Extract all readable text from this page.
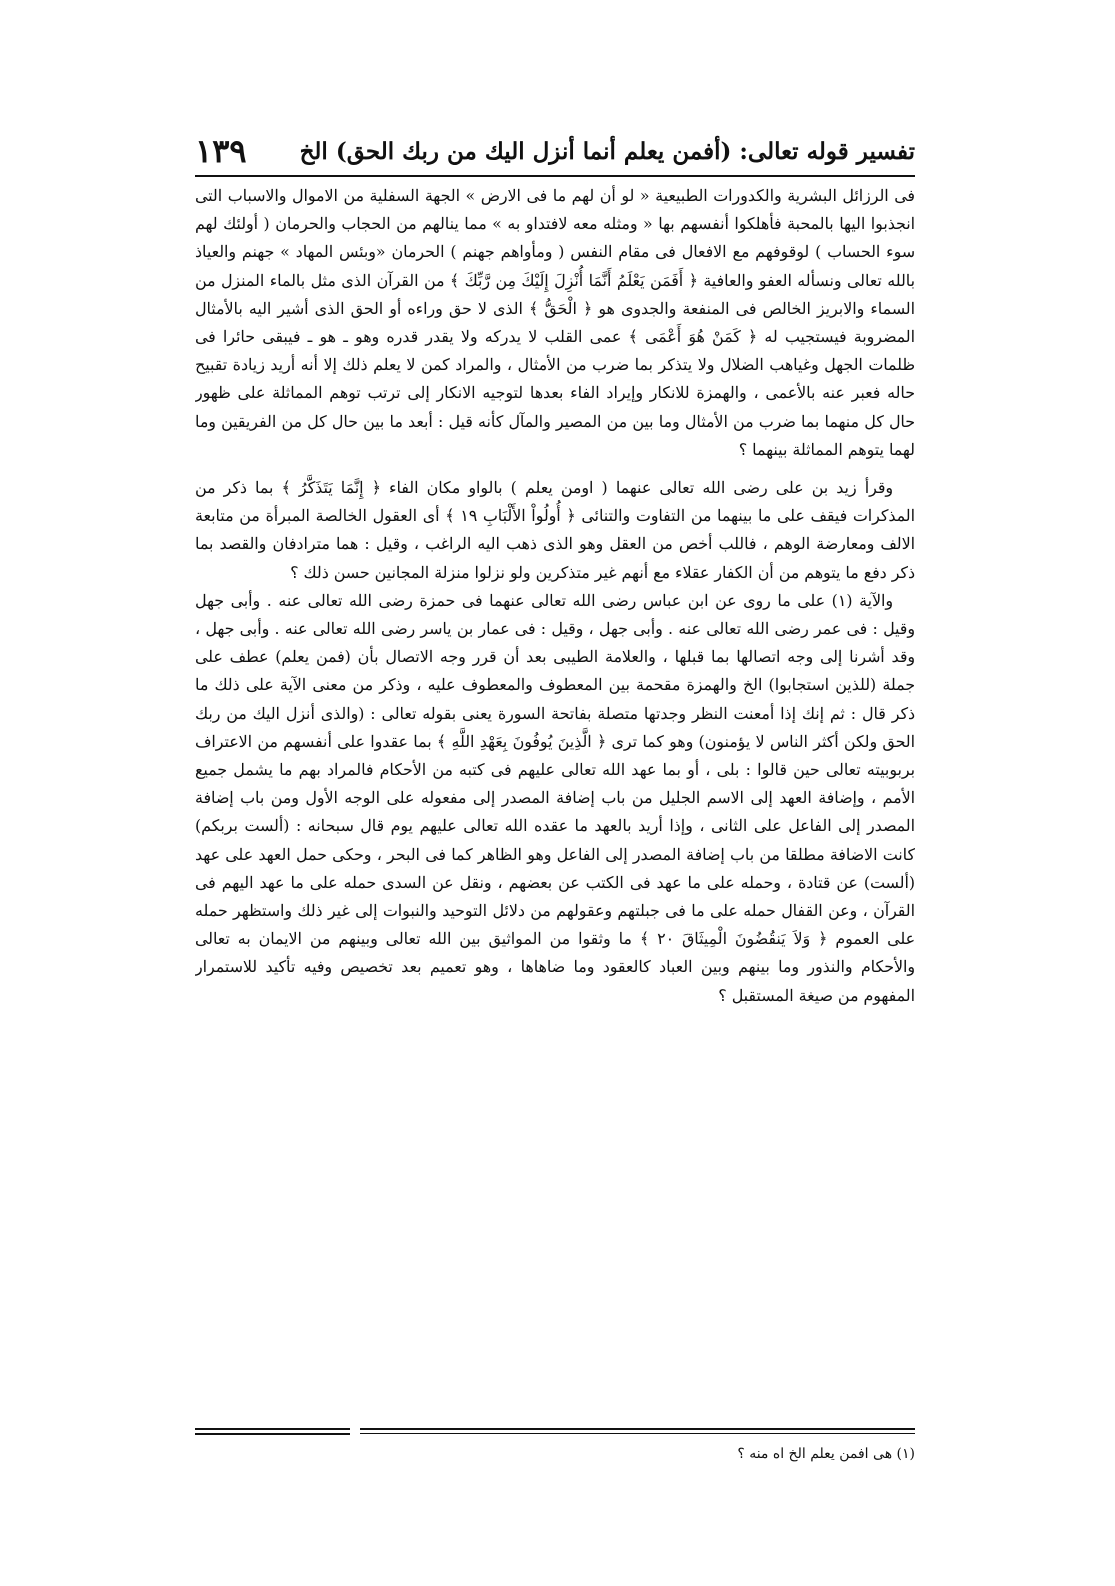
تفسير قوله تعالى: (أفمن يعلم أنما أنزل اليك من ربك الحق) الخ
١٣٩

فى الرزائل البشرية والكدورات الطبيعية « لو أن لهم ما فى الارض » الجهة السفلية من الاموال والاسباب التى انجذبوا اليها بالمحبة فأهلكوا أنفسهم بها « ومثله معه لافتداو به » مما ينالهم من الحجاب والحرمان ( أولئك لهم سوء الحساب ) لوقوفهم مع الافعال فى مقام النفس ( ومأواهم جهنم ) الحرمان «وبئس المهاد » جهنم والعياذ بالله تعالى ونسأله العفو والعافية ﴿ أَفَمَن يَعْلَمُ أَنَّمَا أُنْزِلَ إِلَيْكَ مِن رَّبِّكَ ﴾ من القرآن الذى مثل بالماء المنزل من السماء والابريز الخالص فى المنفعة والجدوى هو ﴿ الْحَقُّ ﴾ الذى لا حق وراءه أو الحق الذى أشير اليه بالأمثال المضروبة فيستجيب له ﴿ كَمَنْ هُوَ أَعْمَى ﴾ عمى القلب لا يدركه ولا يقدر قدره وهو ـ هو ـ فيبقى حائرا فى ظلمات الجهل وغياهب الضلال ولا يتذكر بما ضرب من الأمثال ، والمراد كمن لا يعلم ذلك إلا أنه أريد زيادة تقبيح حاله فعبر عنه بالأعمى ، والهمزة للانكار وإيراد الفاء بعدها لتوجيه الانكار إلى ترتب توهم المماثلة على ظهور حال كل منهما بما ضرب من الأمثال وما بين من المصير والمآل كأنه قيل : أبعد ما بين حال كل من الفريقين وما لهما يتوهم المماثلة بينهما ؟

وقرأ زيد بن على رضى الله تعالى عنهما ( اومن يعلم ) بالواو مكان الفاء ﴿ إِنَّمَا يَتَذَكَّرُ ﴾ بما ذكر من المذكرات فيقف على ما بينهما من التفاوت والتنائى ﴿ أُولُواْ الأَلْبَابِ ١٩ ﴾ أى العقول الخالصة المبرأة من متابعة الالف ومعارضة الوهم ، فاللب أخص من العقل وهو الذى ذهب اليه الراغب ، وقيل : هما مترادفان والقصد بما ذكر دفع ما يتوهم من أن الكفار عقلاء مع أنهم غير متذكرين ولو نزلوا منزلة المجانين حسن ذلك ؟

والآية (١) على ما روى عن ابن عباس رضى الله تعالى عنهما فى حمزة رضى الله تعالى عنه . وأبى جهل وقيل : فى عمر رضى الله تعالى عنه . وأبى جهل ، وقيل : فى عمار بن ياسر رضى الله تعالى عنه . وأبى جهل ، وقد أشرنا إلى وجه اتصالها بما قبلها ، والعلامة الطيبى بعد أن قرر وجه الاتصال بأن (فمن يعلم) عطف على جملة (للذين استجابوا) الخ والهمزة مقحمة بين المعطوف والمعطوف عليه ، وذكر من معنى الآية على ذلك ما ذكر قال : ثم إنك إذا أمعنت النظر وجدتها متصلة بفاتحة السورة يعنى بقوله تعالى : (والذى أنزل اليك من ربك الحق ولكن أكثر الناس لا يؤمنون) وهو كما ترى ﴿ الَّذِينَ يُوفُونَ بِعَهْدِ اللَّهِ ﴾ بما عقدوا على أنفسهم من الاعتراف بربوبيته تعالى حين قالوا : بلى ، أو بما عهد الله تعالى عليهم فى كتبه من الأحكام فالمراد بهم ما يشمل جميع الأمم ، وإضافة العهد إلى الاسم الجليل من باب إضافة المصدر إلى مفعوله على الوجه الأول ومن باب إضافة المصدر إلى الفاعل على الثانى ، وإذا أريد بالعهد ما عقده الله تعالى عليهم يوم قال سبحانه : (ألست بربكم) كانت الاضافة مطلقا من باب إضافة المصدر إلى الفاعل وهو الظاهر كما فى البحر ، وحكى حمل العهد على عهد (ألست) عن قتادة ، وحمله على ما عهد فى الكتب عن بعضهم ، ونقل عن السدى حمله على ما عهد اليهم فى القرآن ، وعن القفال حمله على ما فى جبلتهم وعقولهم من دلائل التوحيد والنبوات إلى غير ذلك واستظهر حمله على العموم ﴿ وَلاَ يَنقُضُونَ الْمِيثَاقَ ٢٠ ﴾ ما وثقوا من المواثيق بين الله تعالى وبينهم من الايمان به تعالى والأحكام والنذور وما بينهم وبين العباد كالعقود وما ضاهاها ، وهو تعميم بعد تخصيص وفيه تأكيد للاستمرار المفهوم من صيغة المستقبل ؟

(١) هى افمن يعلم الخ اه منه ؟
